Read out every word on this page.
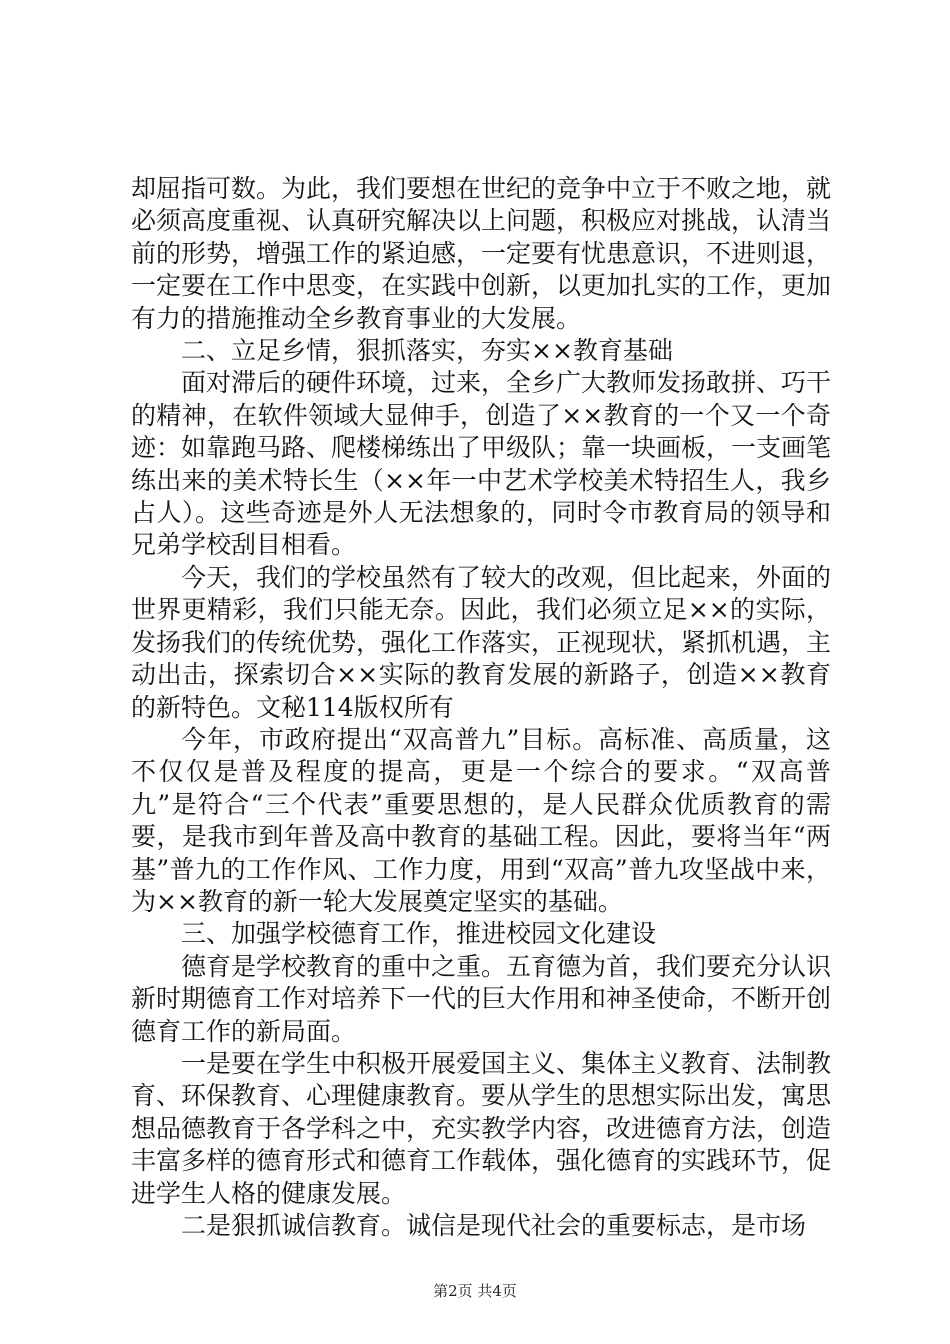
却屈指可数。为此，我们要想在世纪的竞争中立于不败之地，就必须高度重视、认真研究解决以上问题，积极应对挑战，认清当前的形势，增强工作的紧迫感，一定要有忧患意识，不进则退，一定要在工作中思变，在实践中创新，以更加扎实的工作，更加有力的措施推动全乡教育事业的大发展。

二、立足乡情，狠抓落实，夯实××教育基础

面对滞后的硬件环境，过来，全乡广大教师发扬敢拼、巧干的精神，在软件领域大显伸手，创造了××教育的一个又一个奇迹：如靠跑马路、爬楼梯练出了甲级队；靠一块画板，一支画笔练出来的美术特长生（××年一中艺术学校美术特招生人，我乡占人）。这些奇迹是外人无法想象的，同时令市教育局的领导和兄弟学校刮目相看。

今天，我们的学校虽然有了较大的改观，但比起来，外面的世界更精彩，我们只能无奈。因此，我们必须立足××的实际，发扬我们的传统优势，强化工作落实，正视现状，紧抓机遇，主动出击，探索切合××实际的教育发展的新路子，创造××教育的新特色。文秘114版权所有

今年，市政府提出“双高普九”目标。高标准、高质量，这不仅仅是普及程度的提高，更是一个综合的要求。“双高普九”是符合“三个代表”重要思想的，是人民群众优质教育的需要，是我市到年普及高中教育的基础工程。因此，要将当年“两基”普九的工作作风、工作力度，用到“双高”普九攻坚战中来，为××教育的新一轮大发展奠定坚实的基础。

三、加强学校德育工作，推进校园文化建设

德育是学校教育的重中之重。五育德为首，我们要充分认识新时期德育工作对培养下一代的巨大作用和神圣使命，不断开创德育工作的新局面。

一是要在学生中积极开展爱国主义、集体主义教育、法制教育、环保教育、心理健康教育。要从学生的思想实际出发，寓思想品德教育于各学科之中，充实教学内容，改进德育方法，创造丰富多样的德育形式和德育工作载体，强化德育的实践环节，促进学生人格的健康发展。

二是狠抓诚信教育。诚信是现代社会的重要标志，是市场

第2页 共4页
